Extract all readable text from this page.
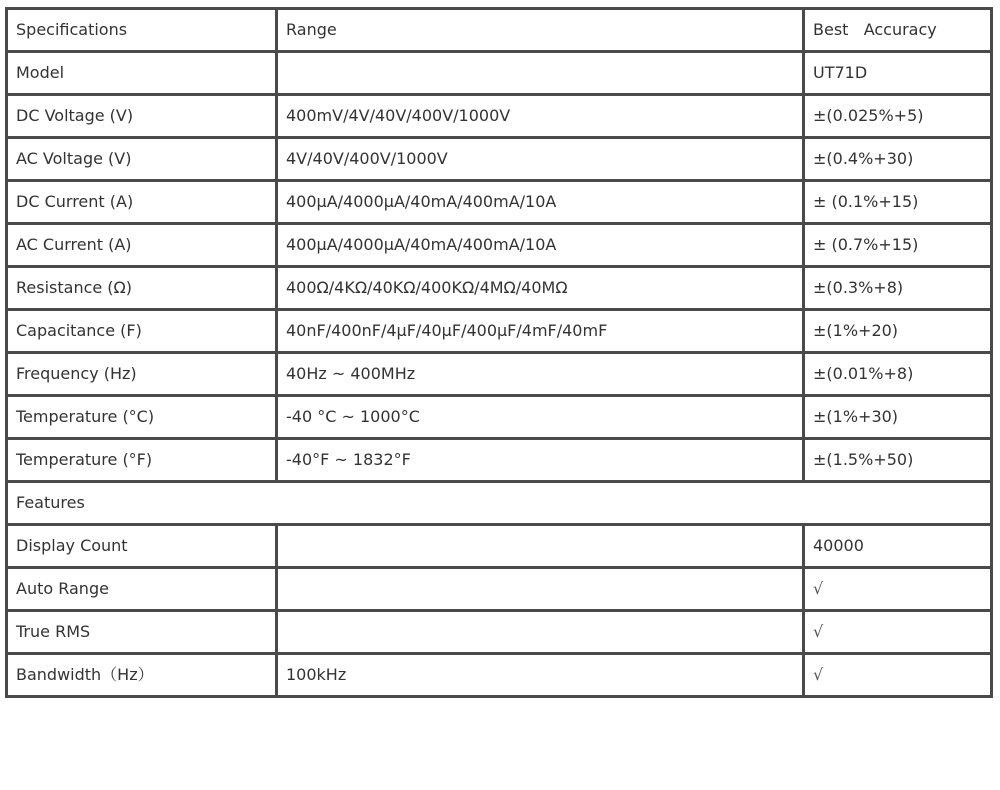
Specifications	Range	Best   Accuracy
Model		UT71D
DC Voltage (V)	400mV/4V/40V/400V/1000V	±(0.025%+5)
AC Voltage (V)	4V/40V/400V/1000V	±(0.4%+30)
DC Current (A)	400μA/4000μA/40mA/400mA/10A	± (0.1%+15)
AC Current (A)	400μA/4000μA/40mA/400mA/10A	± (0.7%+15)
Resistance (Ω)	400Ω/4KΩ/40KΩ/400KΩ/4MΩ/40MΩ	±(0.3%+8)
Capacitance (F)	40nF/400nF/4μF/40μF/400μF/4mF/40mF	±(1%+20)
Frequency (Hz)	40Hz ~ 400MHz	±(0.01%+8)
Temperature (°C)	-40 °C ~ 1000°C	±(1%+30)
Temperature (°F)	-40°F ~ 1832°F	±(1.5%+50)
Features		
Display Count		40000
Auto Range		√
True RMS		√
Bandwidth（Hz）	100kHz	√
